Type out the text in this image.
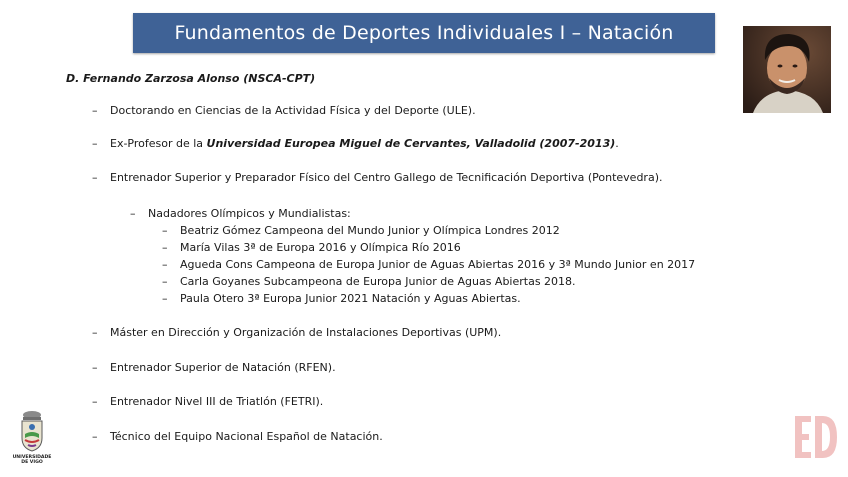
Fundamentos de Deportes Individuales I – Natación
D. Fernando Zarzosa Alonso (NSCA-CPT)
– Doctorando en Ciencias de la Actividad Física y del Deporte (ULE).
– Ex-Profesor de la Universidad Europea Miguel de Cervantes, Valladolid (2007-2013).
– Entrenador Superior y Preparador Físico del Centro Gallego de Tecnificación Deportiva (Pontevedra).
– Nadadores Olímpicos y Mundialistas:
– Beatriz Gómez Campeona del Mundo Junior y Olímpica Londres 2012
– María Vilas 3ª de Europa 2016 y Olímpica Río 2016
– Agueda Cons Campeona de Europa Junior de Aguas Abiertas 2016 y 3ª Mundo Junior en 2017
– Carla Goyanes Subcampeona de Europa Junior de Aguas Abiertas 2018.
– Paula Otero 3ª Europa Junior 2021 Natación y Aguas Abiertas.
– Máster en Dirección y Organización de Instalaciones Deportivas (UPM).
– Entrenador Superior de Natación (RFEN).
– Entrenador Nivel III de Triatlón (FETRI).
– Técnico del Equipo Nacional Español de Natación.
UNIVERSIDADE
DE VIGO
